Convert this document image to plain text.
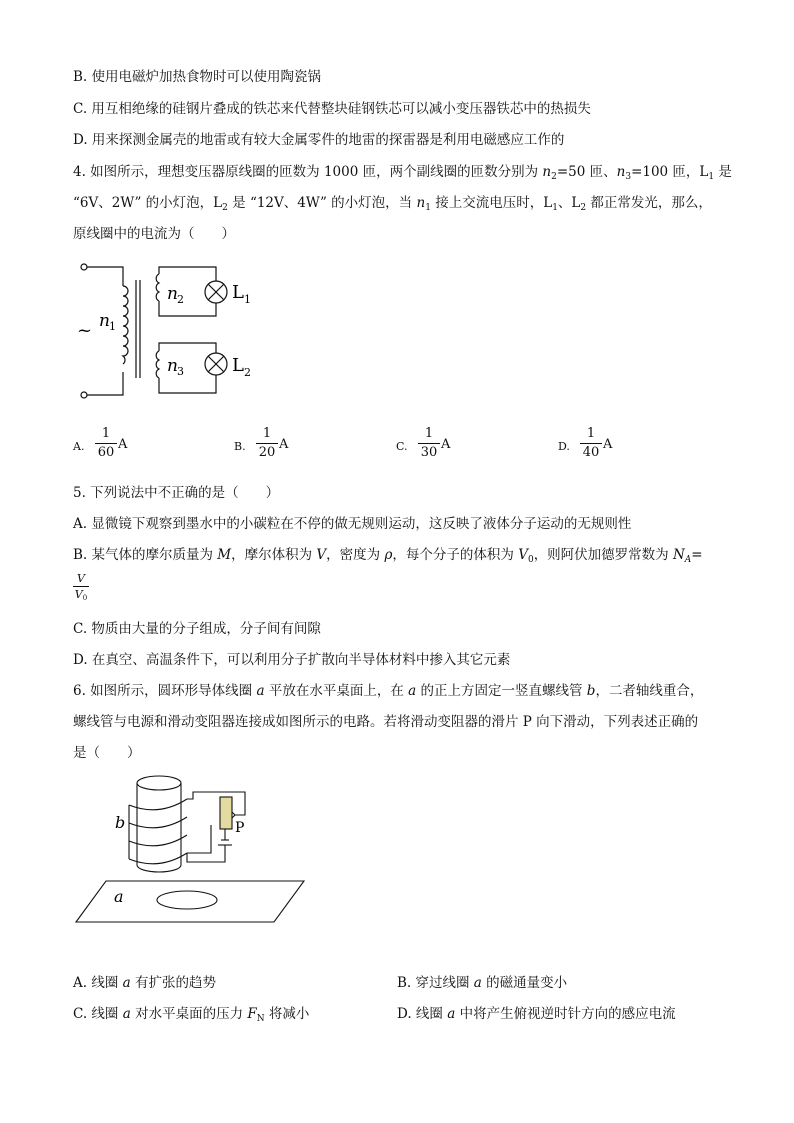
B. 使用电磁炉加热食物时可以使用陶瓷锅
C. 用互相绝缘的硅钢片叠成的铁芯来代替整块硅钢铁芯可以减小变压器铁芯中的热损失
D. 用来探测金属壳的地雷或有较大金属零件的地雷的探雷器是利用电磁感应工作的
4. 如图所示，理想变压器原线圈的匝数为 1000 匝，两个副线圈的匝数分别为 $n_2=50$ 匝、$n_3=100$ 匝，$L_1$ 是
“6V、2W” 的小灯泡，$L_2$ 是 “12V、4W” 的小灯泡，当 $n_1$ 接上交流电压时，$L_1$、$L_2$ 都正常发光，那么，
原线圈中的电流为（　　）
~ n 1
n 2
n 3
L 1
L 2
A.
1
60
A	B.
1
20
A	C.
1
30
A	D.
1
40
A
5. 下列说法中不正确的是（　　）
A. 显微镜下观察到墨水中的小碳粒在不停的做无规则运动，这反映了液体分子运动的无规则性
B. 某气体的摩尔质量为 M，摩尔体积为 V，密度为 ρ，每个分子的体积为 $V_0$，则阿伏加德罗常数为 $N_A=$
V
V0
C. 物质由大量的分子组成，分子间有间隙
D. 在真空、高温条件下，可以利用分子扩散向半导体材料中掺入其它元素
6. 如图所示，圆环形导体线圈 a 平放在水平桌面上，在 a 的正上方固定一竖直螺线管 b，二者轴线重合，
螺线管与电源和滑动变阻器连接成如图所示的电路。若将滑动变阻器的滑片 P 向下滑动，下列表述正确的
是（　　）
b
a
P
A. 线圈 a 有扩张的趋势	B. 穿过线圈 a 的磁通量变小
C. 线圈 a 对水平桌面的压力 $F_N$ 将减小	D. 线圈 a 中将产生俯视逆时针方向的感应电流
